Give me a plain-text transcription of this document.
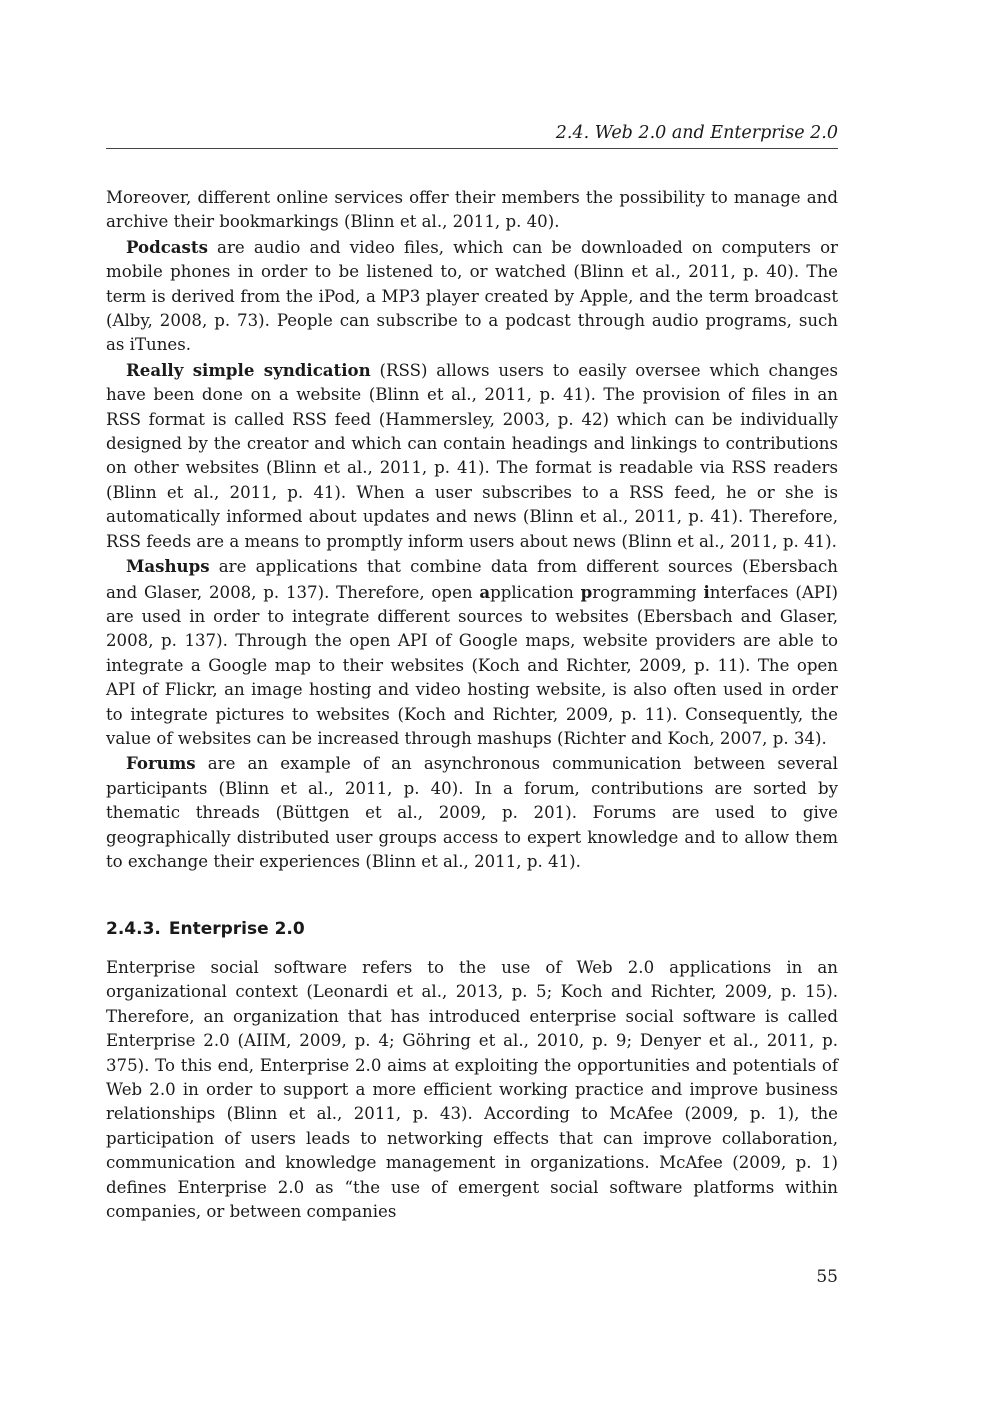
2.4. Web 2.0 and Enterprise 2.0

Moreover, different online services offer their members the possibility to manage and archive their bookmarkings (Blinn et al., 2011, p. 40).

Podcasts are audio and video files, which can be downloaded on computers or mobile phones in order to be listened to, or watched (Blinn et al., 2011, p. 40). The term is derived from the iPod, a MP3 player created by Apple, and the term broadcast (Alby, 2008, p. 73). People can subscribe to a podcast through audio programs, such as iTunes.

Really simple syndication (RSS) allows users to easily oversee which changes have been done on a website (Blinn et al., 2011, p. 41). The provision of files in an RSS format is called RSS feed (Hammersley, 2003, p. 42) which can be individually designed by the creator and which can contain headings and linkings to contributions on other websites (Blinn et al., 2011, p. 41). The format is readable via RSS readers (Blinn et al., 2011, p. 41). When a user subscribes to a RSS feed, he or she is automatically informed about updates and news (Blinn et al., 2011, p. 41). Therefore, RSS feeds are a means to promptly inform users about news (Blinn et al., 2011, p. 41).

Mashups are applications that combine data from different sources (Ebersbach and Glaser, 2008, p. 137). Therefore, open application programming interfaces (API) are used in order to integrate different sources to websites (Ebersbach and Glaser, 2008, p. 137). Through the open API of Google maps, website providers are able to integrate a Google map to their websites (Koch and Richter, 2009, p. 11). The open API of Flickr, an image hosting and video hosting website, is also often used in order to integrate pictures to websites (Koch and Richter, 2009, p. 11). Consequently, the value of websites can be increased through mashups (Richter and Koch, 2007, p. 34).

Forums are an example of an asynchronous communication between several participants (Blinn et al., 2011, p. 40). In a forum, contributions are sorted by thematic threads (Büttgen et al., 2009, p. 201). Forums are used to give geographically distributed user groups access to expert knowledge and to allow them to exchange their experiences (Blinn et al., 2011, p. 41).

2.4.3. Enterprise 2.0

Enterprise social software refers to the use of Web 2.0 applications in an organizational context (Leonardi et al., 2013, p. 5; Koch and Richter, 2009, p. 15). Therefore, an organization that has introduced enterprise social software is called Enterprise 2.0 (AIIM, 2009, p. 4; Göhring et al., 2010, p. 9; Denyer et al., 2011, p. 375). To this end, Enterprise 2.0 aims at exploiting the opportunities and potentials of Web 2.0 in order to support a more efficient working practice and improve business relationships (Blinn et al., 2011, p. 43). According to McAfee (2009, p. 1), the participation of users leads to networking effects that can improve collaboration, communication and knowledge management in organizations. McAfee (2009, p. 1) defines Enterprise 2.0 as “the use of emergent social software platforms within companies, or between companies

55
